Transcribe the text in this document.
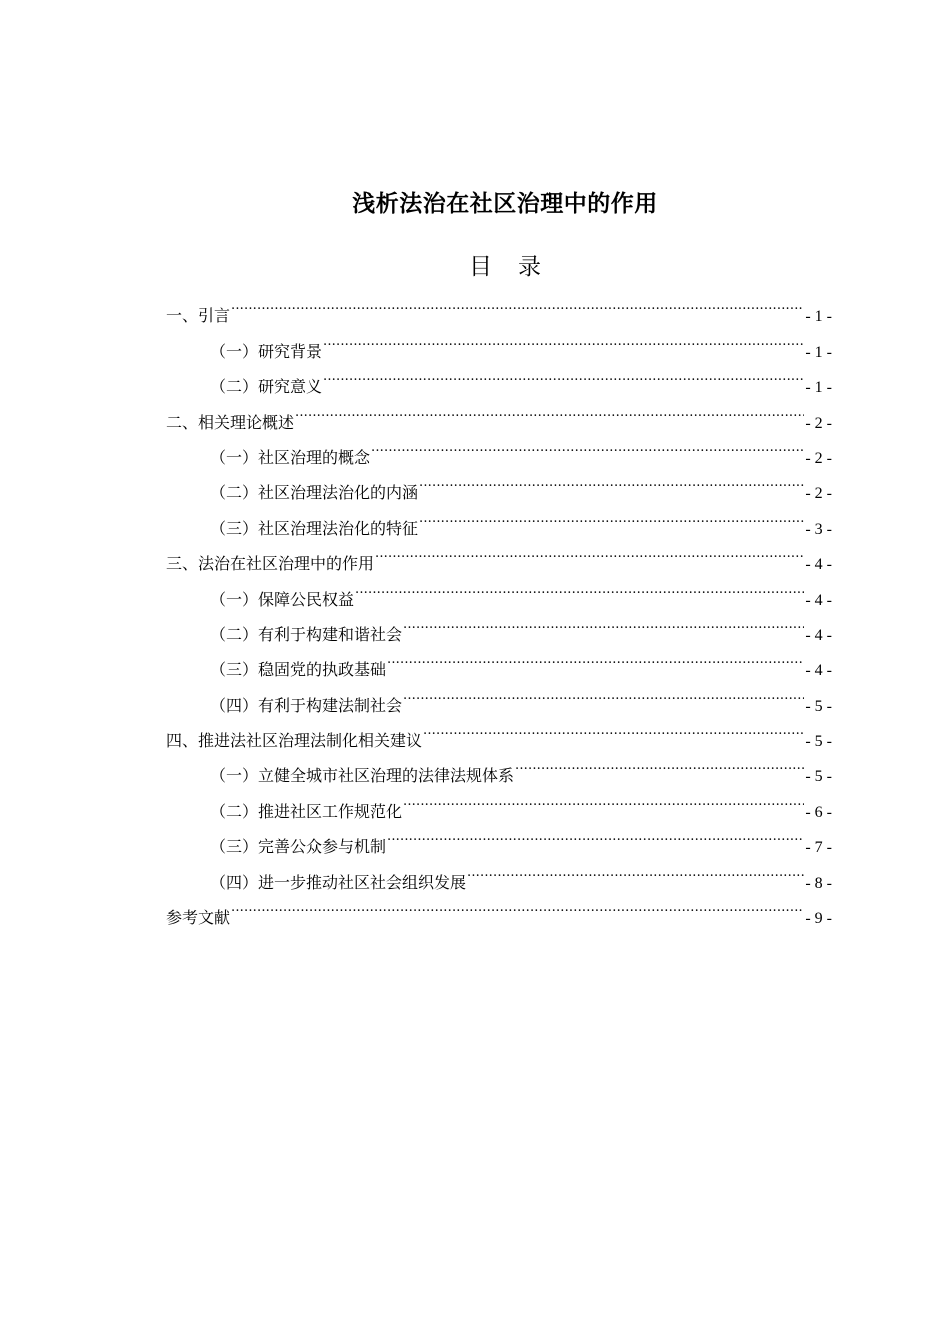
浅析法治在社区治理中的作用
目 录
一、引言 .....	- 1 -
（一）研究背景 .....	- 1 -
（二）研究意义 .....	- 1 -
二、相关理论概述 .....	- 2 -
（一）社区治理的概念 .....	- 2 -
（二）社区治理法治化的内涵 .....	- 2 -
（三）社区治理法治化的特征 .....	- 3 -
三、法治在社区治理中的作用 .....	- 4 -
（一）保障公民权益 .....	- 4 -
（二）有利于构建和谐社会 .....	- 4 -
（三）稳固党的执政基础 .....	- 4 -
（四）有利于构建法制社会 .....	- 5 -
四、推进法社区治理法制化相关建议 .....	- 5 -
（一）立健全城市社区治理的法律法规体系 .....	- 5 -
（二）推进社区工作规范化 .....	- 6 -
（三）完善公众参与机制 .....	- 7 -
（四）进一步推动社区社会组织发展 .....	- 8 -
参考文献 .....	- 9 -
